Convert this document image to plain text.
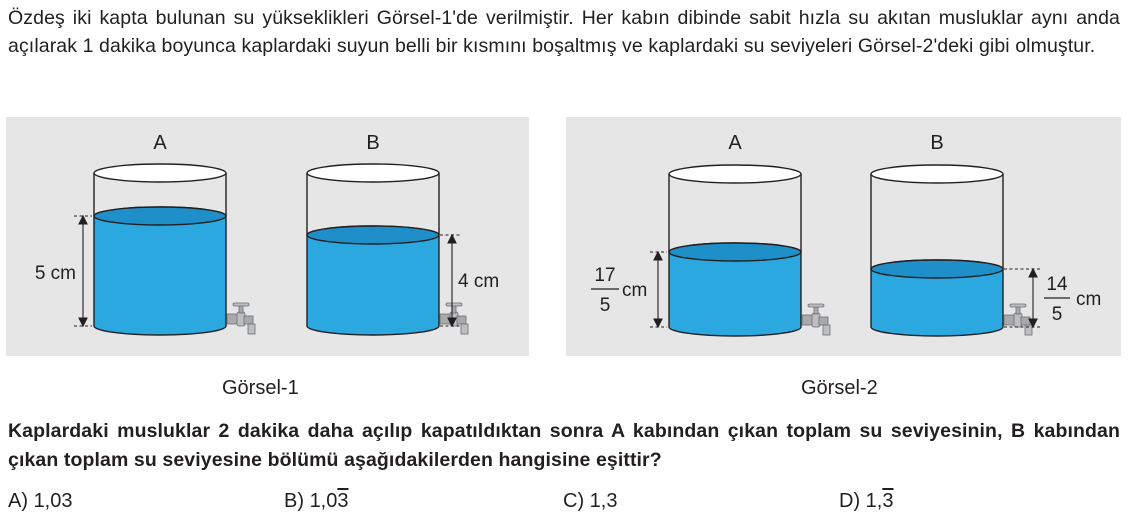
Özdeş iki kapta bulunan su yükseklikleri Görsel-1'de verilmiştir. Her kabın dibinde sabit hızla su akıtan musluklar aynı anda açılarak 1 dakika boyunca kaplardaki suyun belli bir kısmını boşaltmış ve kaplardaki su seviyeleri Görsel-2'deki gibi olmuştur.

A
5 cm
B
4 cm
A
17
5
cm
B
14
5
cm
Görsel-1	Görsel-2

Kaplardaki musluklar 2 dakika daha açılıp kapatıldıktan sonra A kabından çıkan toplam su seviyesinin, B kabından çıkan toplam su seviyesine bölümü aşağıdakilerden hangisine eşittir?

A) 1,03	B) 1,03	C) 1,3	D) 1,3
